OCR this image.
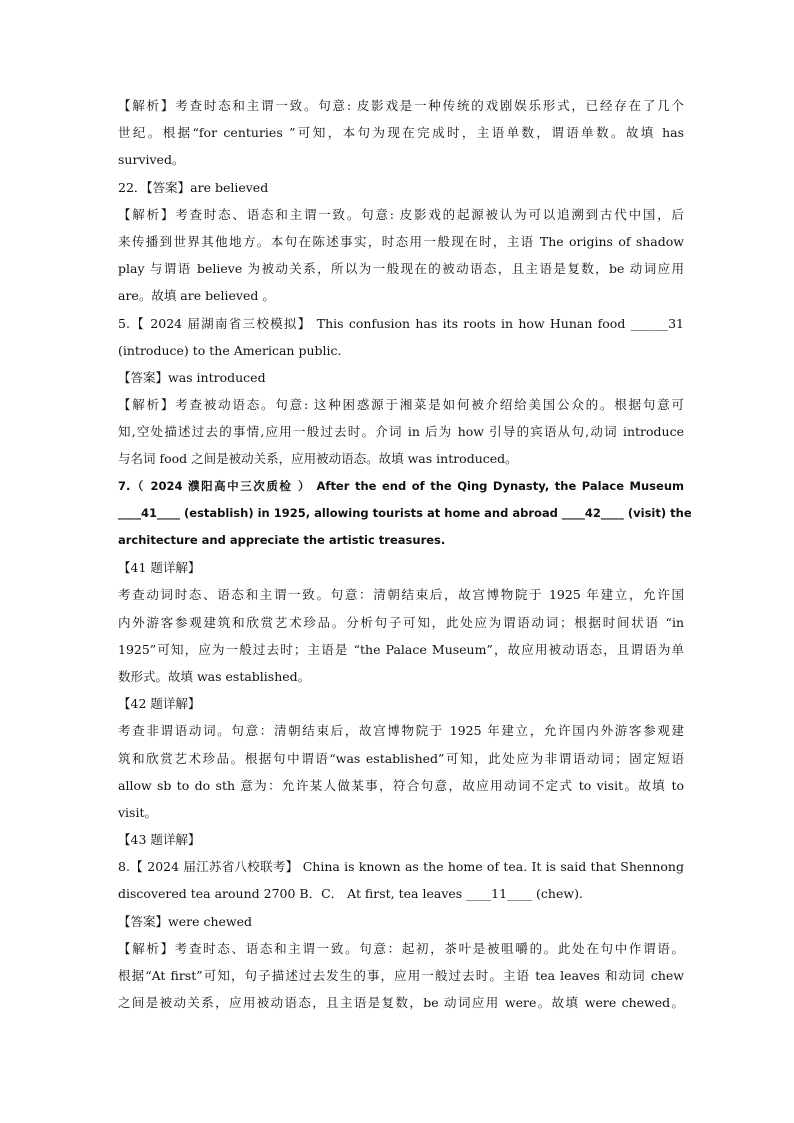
【解析】考查时态和主谓一致。句意: 皮影戏是一种传统的戏剧娱乐形式，已经存在了几个
世纪。根据“for centuries ”可知，本句为现在完成时，主语单数，谓语单数。故填 has
survived。
22．【答案】are believed
【解析】考查时态、语态和主谓一致。句意: 皮影戏的起源被认为可以追溯到古代中国，后
来传播到世界其他地方。本句在陈述事实，时态用一般现在时，主语 The origins of shadow
play 与谓语 believe 为被动关系，所以为一般现在的被动语态，且主语是复数，be 动词应用
are。故填 are believed 。
5.【 2024 届湖南省三校模拟】 This confusion has its roots in how Hunan food ______31
(introduce) to the American public.
【答案】was introduced
【解析】考查被动语态。句意: 这种困惑源于湘菜是如何被介绍给美国公众的。根据句意可
知,空处描述过去的事情,应用一般过去时。介词 in 后为 how 引导的宾语从句,动词 introduce
与名词 food 之间是被动关系，应用被动语态。故填 was introduced。
7.（ 2024 濮阳高中三次质检 ） After the end of the Qing Dynasty, the Palace Museum
____41____ (establish) in 1925, allowing tourists at home and abroad ____42____ (visit) the
architecture and appreciate the artistic treasures.
【41 题详解】
考查动词时态、语态和主谓一致。句意：清朝结束后，故宫博物院于 1925 年建立，允许国
内外游客参观建筑和欣赏艺术珍品。分析句子可知，此处应为谓语动词；根据时间状语 “in
1925”可知，应为一般过去时；主语是 “the Palace Museum”，故应用被动语态，且谓语为单
数形式。故填 was established。
【42 题详解】
考查非谓语动词。句意：清朝结束后，故宫博物院于 1925 年建立，允许国内外游客参观建
筑和欣赏艺术珍品。根据句中谓语“was established”可知，此处应为非谓语动词；固定短语
allow sb to do sth 意为：允许某人做某事，符合句意，故应用动词不定式 to visit。故填 to
visit。
【43 题详解】
8.【 2024 届江苏省八校联考】 China is known as the home of tea. It is said that Shennong
discovered tea around 2700 B．C． At first, tea leaves ____11____ (chew).
【答案】were chewed
【解析】考查时态、语态和主谓一致。句意：起初，茶叶是被咀嚼的。此处在句中作谓语。
根据“At first”可知，句子描述过去发生的事，应用一般过去时。主语 tea leaves 和动词 chew
之间是被动关系，应用被动语态，且主语是复数，be 动词应用 were。故填 were chewed。
